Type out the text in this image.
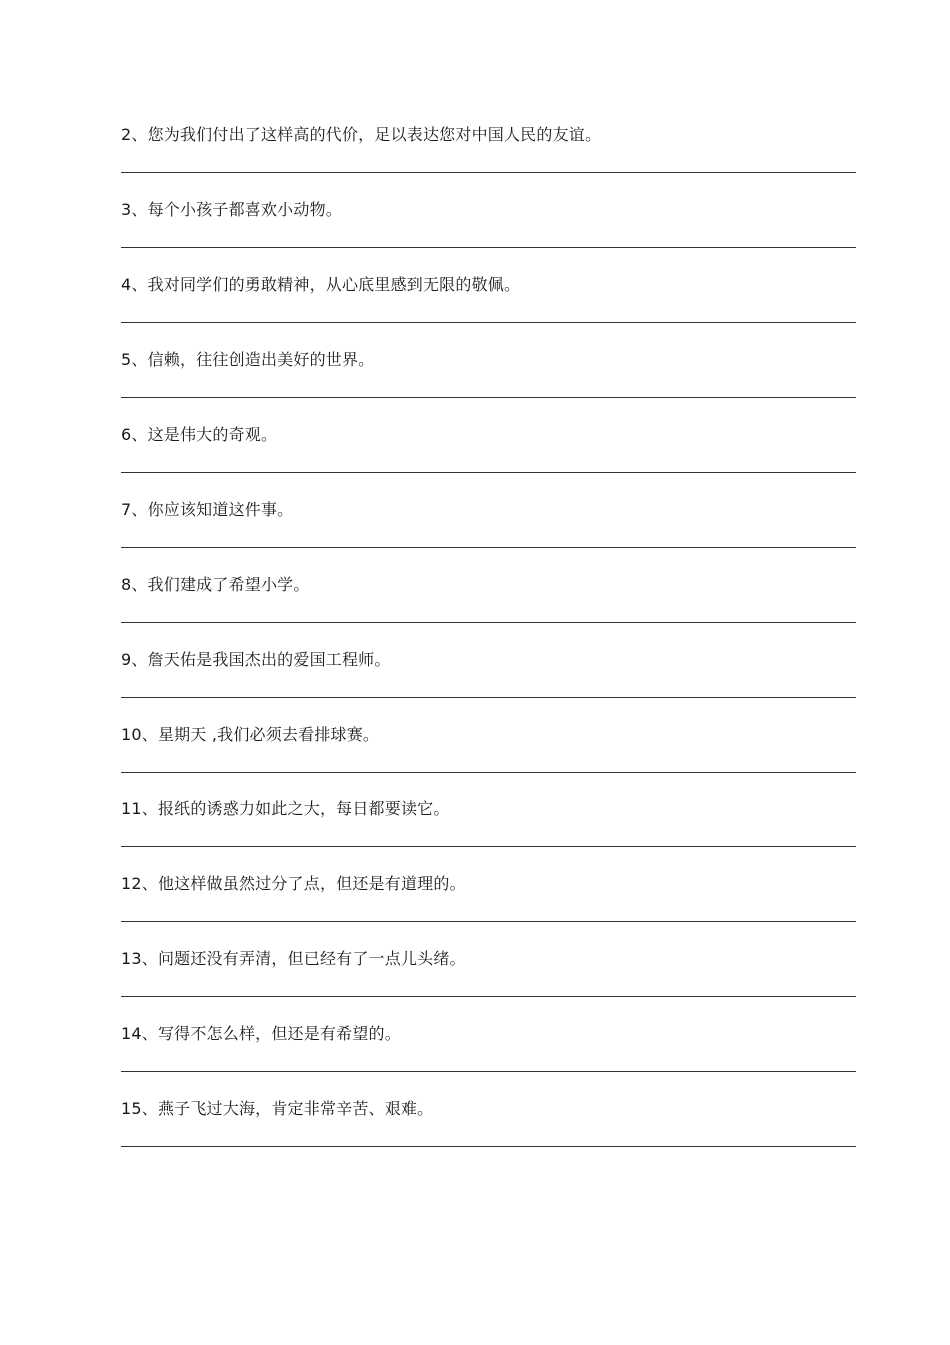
2、您为我们付出了这样高的代价，足以表达您对中国人民的友谊。
3、每个小孩子都喜欢小动物。
4、我对同学们的勇敢精神，从心底里感到无限的敬佩。
5、信赖，往往创造出美好的世界。
6、这是伟大的奇观。
7、你应该知道这件事。
8、我们建成了希望小学。
9、詹天佑是我国杰出的爱国工程师。
10、星期天 ,我们必须去看排球赛。
11、报纸的诱惑力如此之大，每日都要读它。
12、他这样做虽然过分了点，但还是有道理的。
13、问题还没有弄清，但已经有了一点儿头绪。
14、写得不怎么样，但还是有希望的。
15、燕子飞过大海，肯定非常辛苦、艰难。
